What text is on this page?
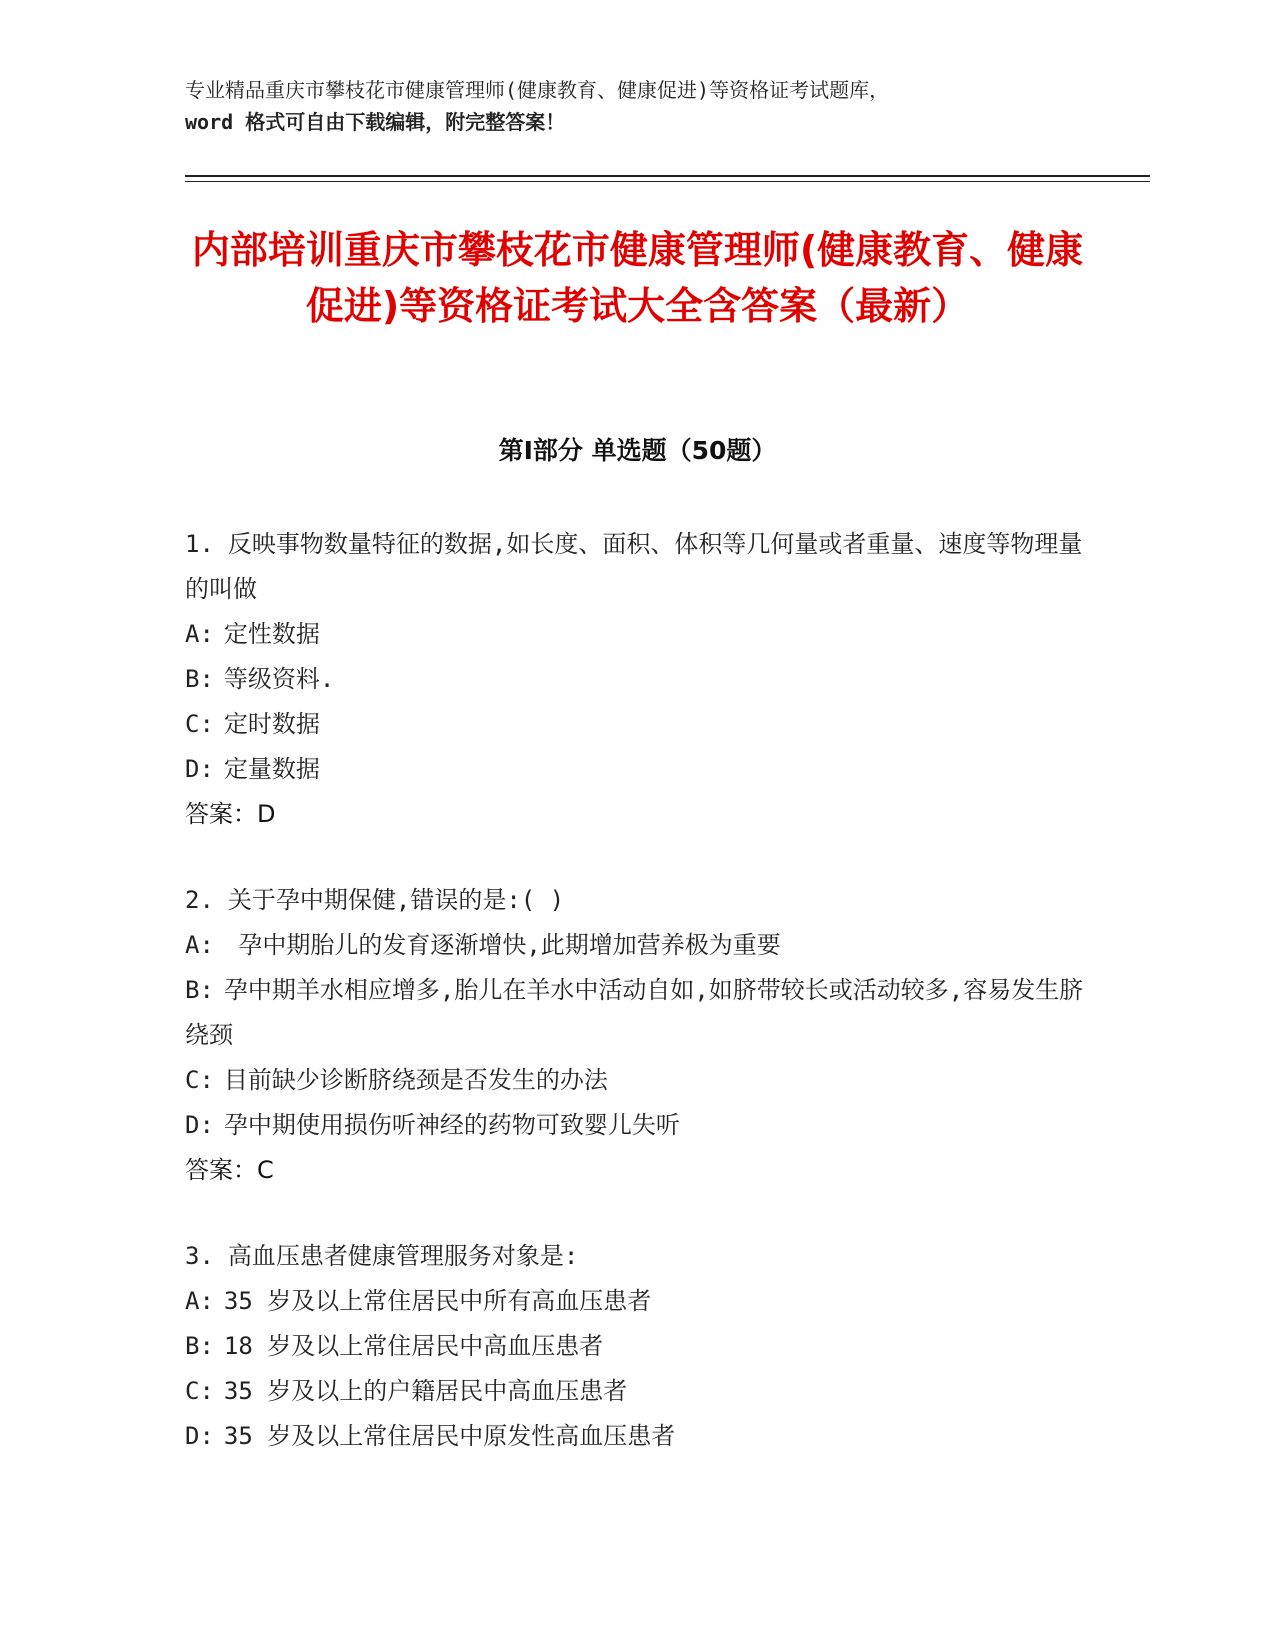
专业精品重庆市攀枝花市健康管理师(健康教育、健康促进)等资格证考试题库，
word 格式可自由下载编辑，附完整答案！
内部培训重庆市攀枝花市健康管理师(健康教育、健康促进)等资格证考试大全含答案（最新）
第Ⅰ部分 单选题（50题）
1. 反映事物数量特征的数据,如长度、面积、体积等几何量或者重量、速度等物理量的叫做
A: 定性数据
B: 等级资料.
C: 定时数据
D: 定量数据
答案：D
2. 关于孕中期保健,错误的是:( )
A: 孕中期胎儿的发育逐渐增快,此期增加营养极为重要
B: 孕中期羊水相应增多,胎儿在羊水中活动自如,如脐带较长或活动较多,容易发生脐绕颈
C: 目前缺少诊断脐绕颈是否发生的办法
D: 孕中期使用损伤听神经的药物可致婴儿失听
答案：C
3. 高血压患者健康管理服务对象是:
A: 35 岁及以上常住居民中所有高血压患者
B: 18 岁及以上常住居民中高血压患者
C: 35 岁及以上的户籍居民中高血压患者
D: 35 岁及以上常住居民中原发性高血压患者
